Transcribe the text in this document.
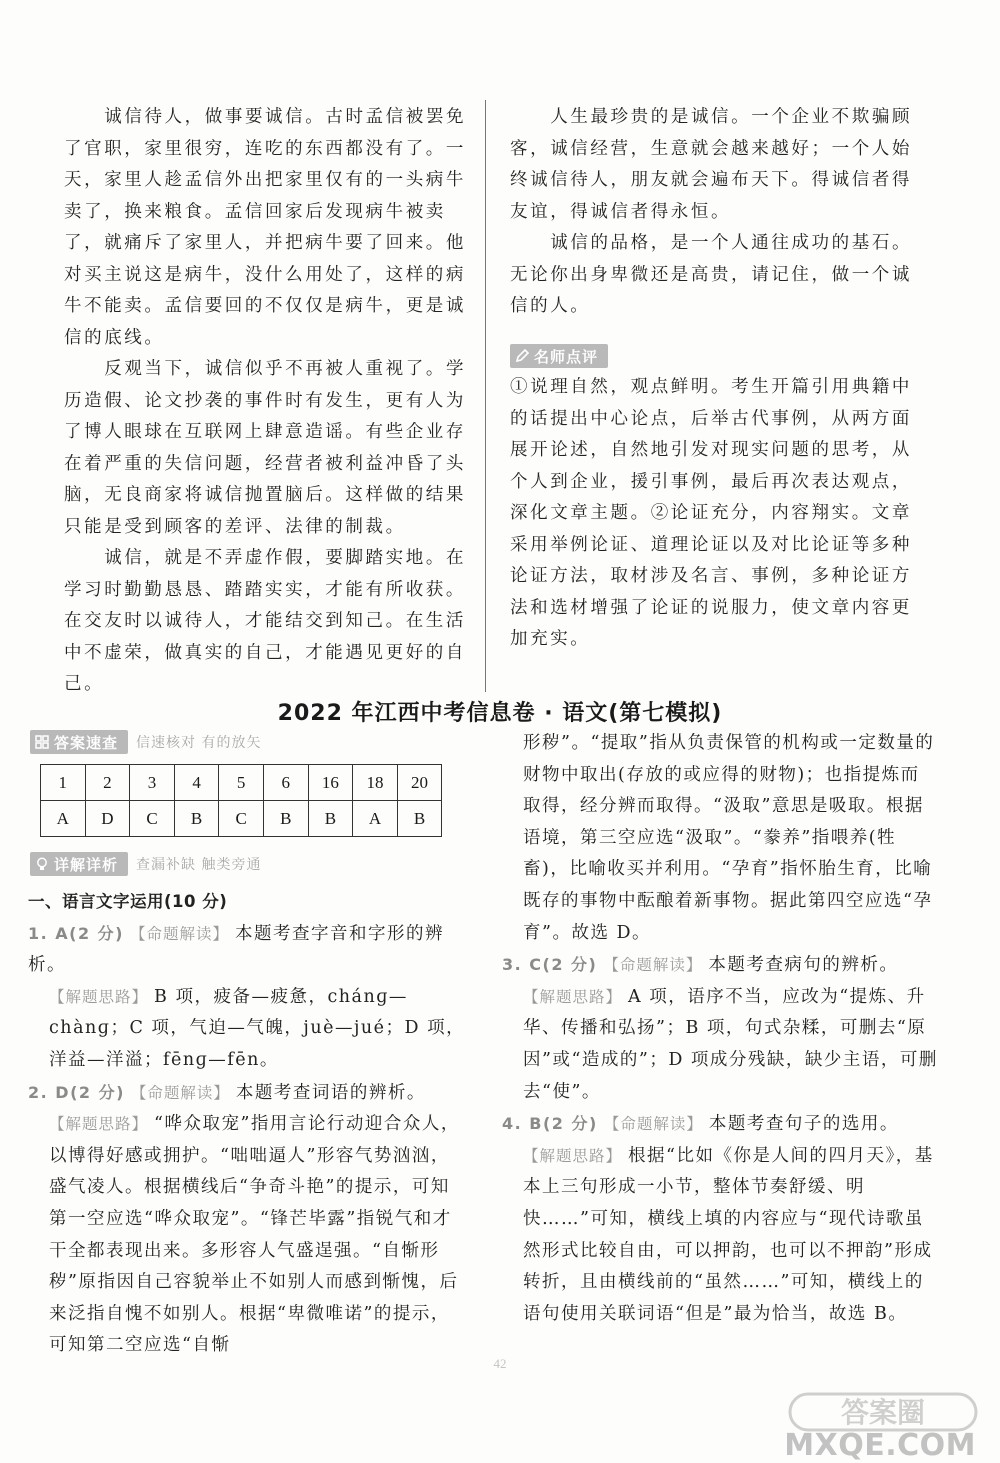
诚信待人，做事要诚信。古时孟信被罢免了官职，家里很穷，连吃的东西都没有了。一天，家里人趁孟信外出把家里仅有的一头病牛卖了，换来粮食。孟信回家后发现病牛被卖了，就痛斥了家里人，并把病牛要了回来。他对买主说这是病牛，没什么用处了，这样的病牛不能卖。孟信要回的不仅仅是病牛，更是诚信的底线。

反观当下，诚信似乎不再被人重视了。学历造假、论文抄袭的事件时有发生，更有人为了博人眼球在互联网上肆意造谣。有些企业存在着严重的失信问题，经营者被利益冲昏了头脑，无良商家将诚信抛置脑后。这样做的结果只能是受到顾客的差评、法律的制裁。

诚信，就是不弄虚作假，要脚踏实地。在学习时勤勤恳恳、踏踏实实，才能有所收获。在交友时以诚待人，才能结交到知己。在生活中不虚荣，做真实的自己，才能遇见更好的自己。

人生最珍贵的是诚信。一个企业不欺骗顾客，诚信经营，生意就会越来越好；一个人始终诚信待人，朋友就会遍布天下。得诚信者得友谊，得诚信者得永恒。

诚信的品格，是一个人通往成功的基石。无论你出身卑微还是高贵，请记住，做一个诚信的人。

名师点评

①说理自然，观点鲜明。考生开篇引用典籍中的话提出中心论点，后举古代事例，从两方面展开论述，自然地引发对现实问题的思考，从个人到企业，援引事例，最后再次表达观点，深化文章主题。②论证充分，内容翔实。文章采用举例论证、道理论证以及对比论证等多种论证方法，取材涉及名言、事例，多种论证方法和选材增强了论证的说服力，使文章内容更加充实。

2022 年江西中考信息卷 · 语文(第七模拟)
答案速查 信速核对 有的放矢
1	2	3	4	5	6	16	18	20
A	D	C	B	C	B	B	A	B
详解详析 查漏补缺 触类旁通

一、语言文字运用(10 分)

1. A(2 分) 【命题解读】 本题考查字音和字形的辨析。

【解题思路】 B 项，疲备—疲惫，chánɡ—chànɡ；C 项，气迫—气魄，juè—jué；D 项，洋益—洋溢；fēnɡ—fēn。

2. D(2 分) 【命题解读】 本题考查词语的辨析。

【解题思路】 “哗众取宠”指用言论行动迎合众人，以博得好感或拥护。“咄咄逼人”形容气势汹汹，盛气凌人。根据横线后“争奇斗艳”的提示，可知第一空应选“哗众取宠”。“锋芒毕露”指锐气和才干全都表现出来。多形容人气盛逞强。“自惭形秽”原指因自己容貌举止不如别人而感到惭愧，后来泛指自愧不如别人。根据“卑微唯诺”的提示，可知第二空应选“自惭

形秽”。“提取”指从负责保管的机构或一定数量的财物中取出(存放的或应得的财物)；也指提炼而取得，经分辨而取得。“汲取”意思是吸取。根据语境，第三空应选“汲取”。“豢养”指喂养(牲畜)，比喻收买并利用。“孕育”指怀胎生育，比喻既存的事物中酝酿着新事物。据此第四空应选“孕育”。故选 D。

3. C(2 分) 【命题解读】 本题考查病句的辨析。

【解题思路】 A 项，语序不当，应改为“提炼、升华、传播和弘扬”；B 项，句式杂糅，可删去“原因”或“造成的”；D 项成分残缺，缺少主语，可删去“使”。

4. B(2 分) 【命题解读】 本题考查句子的选用。

【解题思路】 根据“比如《你是人间的四月天》，基本上三句形成一小节，整体节奏舒缓、明快……”可知，横线上填的内容应与“现代诗歌虽然形式比较自由，可以押韵，也可以不押韵”形成转折，且由横线前的“虽然……”可知，横线上的语句使用关联词语“但是”最为恰当，故选 B。

42
答案圈
MXQE.COM
